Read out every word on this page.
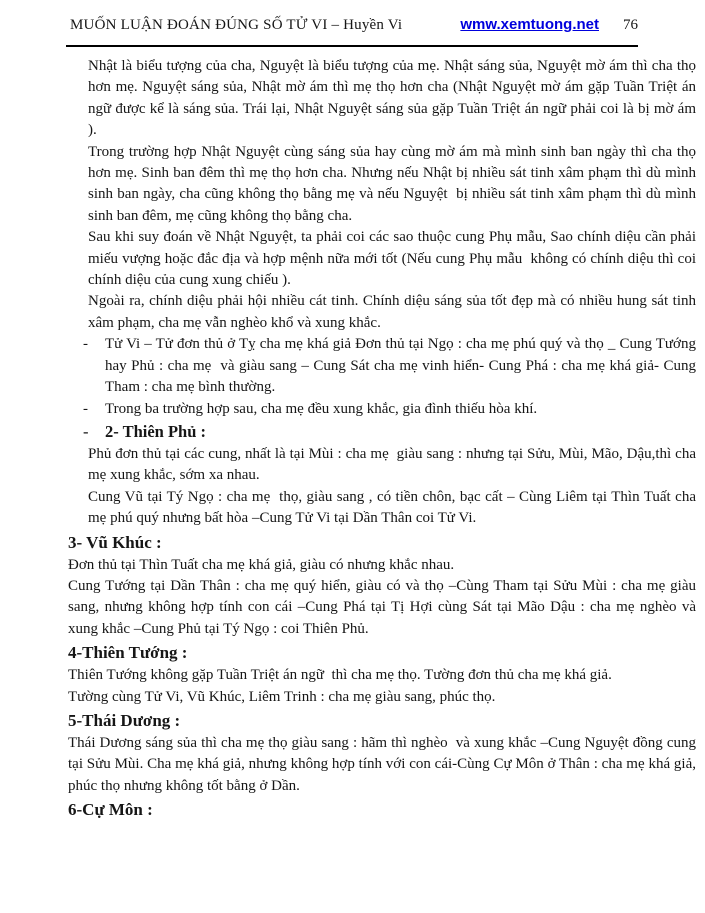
MUỐN LUẬN ĐOÁN ĐÚNG SỐ TỬ VI – Huyền Vi	wmw.xemtuong.net 76
Nhật là biểu tượng của cha, Nguyệt là biểu tượng của mẹ. Nhật sáng sủa, Nguyệt mờ ám thì cha thọ hơn mẹ. Nguyệt sáng sủa, Nhật mờ ám thì mẹ thọ hơn cha (Nhật Nguyệt mờ ám gặp Tuần Triệt án ngữ được kể là sáng sủa. Trái lại, Nhật Nguyệt sáng sủa gặp Tuần Triệt án ngữ phải coi là bị mờ ám ).
Trong trường hợp Nhật Nguyệt cùng sáng sủa hay cùng mờ ám mà mình sinh ban ngày thì cha thọ hơn mẹ. Sinh ban đêm thì mẹ thọ hơn cha. Nhưng nếu Nhật bị nhiều sát tinh xâm phạm thì dù mình sinh ban ngày, cha cũng không thọ bằng mẹ và nếu Nguyệt  bị nhiều sát tinh xâm phạm thì dù mình sinh ban đêm, mẹ cũng không thọ bằng cha.
Sau khi suy đoán về Nhật Nguyệt, ta phải coi các sao thuộc cung Phụ mẫu, Sao chính diệu cần phải miếu vượng hoặc đắc địa và hợp mệnh nữa mới tốt (Nếu cung Phụ mẫu  không có chính diệu thì coi chính diệu của cung xung chiếu ).
Ngoài ra, chính diệu phải hội nhiều cát tinh. Chính diệu sáng sủa tốt đẹp mà có nhiều hung sát tinh xâm phạm, cha mẹ vẫn nghèo khổ và xung khắc.
-	Tử Vi – Tử đơn thủ ở Tỵ cha mẹ khá giả Đơn thủ tại Ngọ : cha mẹ phú quý và thọ _ Cung Tướng hay Phủ : cha mẹ  và giàu sang – Cung Sát cha mẹ vinh hiển- Cung Phá : cha mẹ khá giả- Cung Tham : cha mẹ bình thường.
-	Trong ba trường hợp sau, cha mẹ đều xung khắc, gia đình thiếu hòa khí.
-	2- Thiên Phủ :
Phủ đơn thủ tại các cung, nhất là tại Mùi : cha mẹ  giàu sang : nhưng tại Sửu, Mùi, Mão, Dậu,thì cha mẹ xung khắc, sớm xa nhau.
Cung Vũ tại Tý Ngọ : cha mẹ  thọ, giàu sang , có tiền chôn, bạc cất – Cùng Liêm tại Thìn Tuất cha mẹ phú quý nhưng bất hòa –Cung Tử Vi tại Dần Thân coi Tử Vi.
3- Vũ Khúc :
Đơn thủ tại Thìn Tuất cha mẹ khá giả, giàu có nhưng khắc nhau.
Cung Tướng tại Dần Thân : cha mẹ quý hiển, giàu có và thọ –Cùng Tham tại Sửu Mùi : cha mẹ giàu sang, nhưng không hợp tính con cái –Cung Phá tại Tị Hợi cùng Sát tại Mão Dậu : cha mẹ nghèo và xung khắc –Cung Phủ tại Tý Ngọ : coi Thiên Phủ.
4-Thiên Tướng :
Thiên Tướng không gặp Tuần Triệt án ngữ  thì cha mẹ thọ. Tường đơn thủ cha mẹ khá giả.
Tường cùng Tử Vi, Vũ Khúc, Liêm Trinh : cha mẹ giàu sang, phúc thọ.
5-Thái Dương :
Thái Dương sáng sủa thì cha mẹ thọ giàu sang : hãm thì nghèo  và xung khắc –Cung Nguyệt đồng cung tại Sửu Mùi. Cha mẹ khá giả, nhưng không hợp tính với con cái-Cùng Cự Môn ở Thân : cha mẹ khá giả, phúc thọ nhưng không tốt bằng ở Dần.
6-Cự Môn :
